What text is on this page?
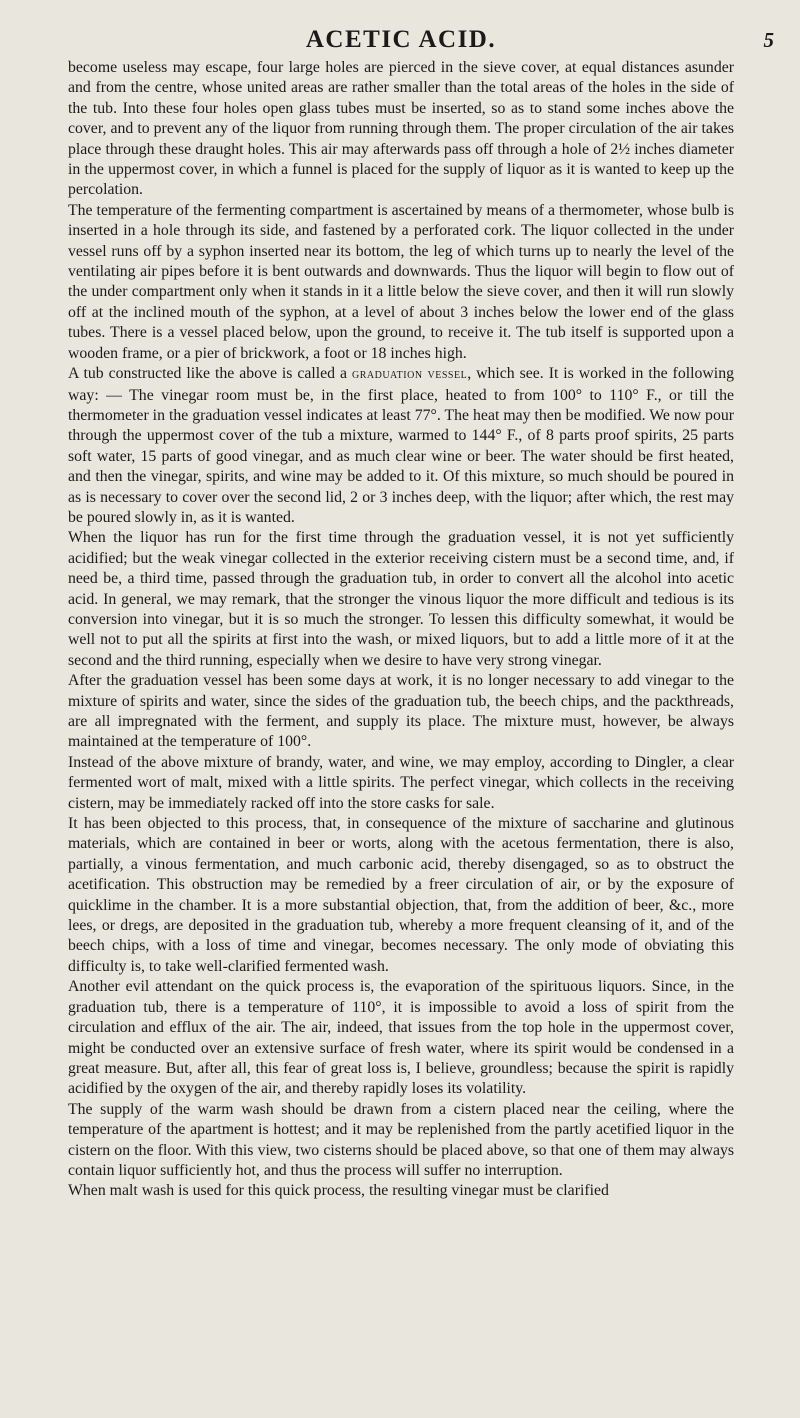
ACETIC ACID.	5

become useless may escape, four large holes are pierced in the sieve cover, at equal distances asunder and from the centre, whose united areas are rather smaller than the total areas of the holes in the side of the tub. Into these four holes open glass tubes must be inserted, so as to stand some inches above the cover, and to prevent any of the liquor from running through them. The proper circulation of the air takes place through these draught holes. This air may afterwards pass off through a hole of 2½ inches diameter in the uppermost cover, in which a funnel is placed for the supply of liquor as it is wanted to keep up the percolation.

The temperature of the fermenting compartment is ascertained by means of a thermometer, whose bulb is inserted in a hole through its side, and fastened by a perforated cork. The liquor collected in the under vessel runs off by a syphon inserted near its bottom, the leg of which turns up to nearly the level of the ventilating air pipes before it is bent outwards and downwards. Thus the liquor will begin to flow out of the under compartment only when it stands in it a little below the sieve cover, and then it will run slowly off at the inclined mouth of the syphon, at a level of about 3 inches below the lower end of the glass tubes. There is a vessel placed below, upon the ground, to receive it. The tub itself is supported upon a wooden frame, or a pier of brickwork, a foot or 18 inches high.

A tub constructed like the above is called a graduation vessel, which see. It is worked in the following way: — The vinegar room must be, in the first place, heated to from 100° to 110° F., or till the thermometer in the graduation vessel indicates at least 77°. The heat may then be modified. We now pour through the uppermost cover of the tub a mixture, warmed to 144° F., of 8 parts proof spirits, 25 parts soft water, 15 parts of good vinegar, and as much clear wine or beer. The water should be first heated, and then the vinegar, spirits, and wine may be added to it. Of this mixture, so much should be poured in as is necessary to cover over the second lid, 2 or 3 inches deep, with the liquor; after which, the rest may be poured slowly in, as it is wanted.

When the liquor has run for the first time through the graduation vessel, it is not yet sufficiently acidified; but the weak vinegar collected in the exterior receiving cistern must be a second time, and, if need be, a third time, passed through the graduation tub, in order to convert all the alcohol into acetic acid. In general, we may remark, that the stronger the vinous liquor the more difficult and tedious is its conversion into vinegar, but it is so much the stronger. To lessen this difficulty somewhat, it would be well not to put all the spirits at first into the wash, or mixed liquors, but to add a little more of it at the second and the third running, especially when we desire to have very strong vinegar.

After the graduation vessel has been some days at work, it is no longer necessary to add vinegar to the mixture of spirits and water, since the sides of the graduation tub, the beech chips, and the packthreads, are all impregnated with the ferment, and supply its place. The mixture must, however, be always maintained at the temperature of 100°.

Instead of the above mixture of brandy, water, and wine, we may employ, according to Dingler, a clear fermented wort of malt, mixed with a little spirits. The perfect vinegar, which collects in the receiving cistern, may be immediately racked off into the store casks for sale.

It has been objected to this process, that, in consequence of the mixture of saccharine and glutinous materials, which are contained in beer or worts, along with the acetous fermentation, there is also, partially, a vinous fermentation, and much carbonic acid, thereby disengaged, so as to obstruct the acetification. This obstruction may be remedied by a freer circulation of air, or by the exposure of quicklime in the chamber. It is a more substantial objection, that, from the addition of beer, &c., more lees, or dregs, are deposited in the graduation tub, whereby a more frequent cleansing of it, and of the beech chips, with a loss of time and vinegar, becomes necessary. The only mode of obviating this difficulty is, to take well-clarified fermented wash.

Another evil attendant on the quick process is, the evaporation of the spirituous liquors. Since, in the graduation tub, there is a temperature of 110°, it is impossible to avoid a loss of spirit from the circulation and efflux of the air. The air, indeed, that issues from the top hole in the uppermost cover, might be conducted over an extensive surface of fresh water, where its spirit would be condensed in a great measure. But, after all, this fear of great loss is, I believe, groundless; because the spirit is rapidly acidified by the oxygen of the air, and thereby rapidly loses its volatility.

The supply of the warm wash should be drawn from a cistern placed near the ceiling, where the temperature of the apartment is hottest; and it may be replenished from the partly acetified liquor in the cistern on the floor. With this view, two cisterns should be placed above, so that one of them may always contain liquor sufficiently hot, and thus the process will suffer no interruption.

When malt wash is used for this quick process, the resulting vinegar must be clarified
